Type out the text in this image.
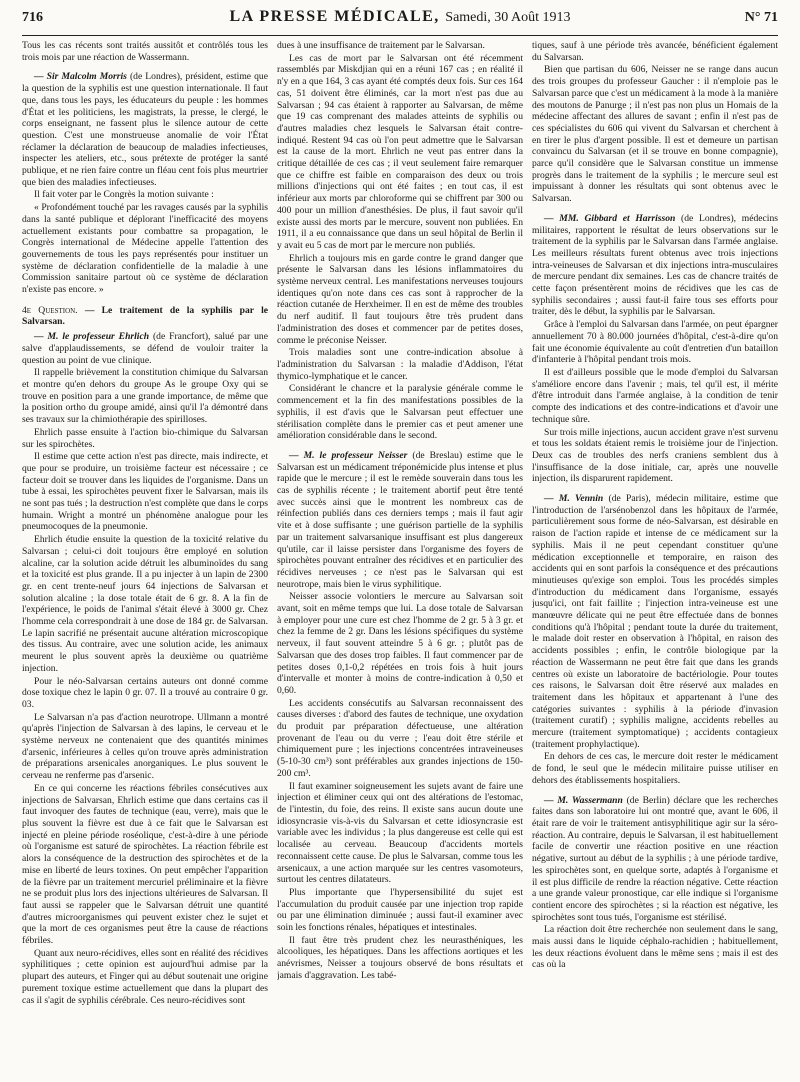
716	LA PRESSE MÉDICALE, Samedi, 30 Août 1913	N° 71

Tous les cas récents sont traités aussitôt et contrôlés tous les trois mois par une réaction de Wassermann.

— Sir Malcolm Morris (de Londres), président, estime que la question de la syphilis est une question internationale. Il faut que, dans tous les pays, les éducateurs du peuple : les hommes d'État et les politiciens, les magistrats, la presse, le clergé, le corps enseignant, ne fassent plus le silence autour de cette question. C'est une monstrueuse anomalie de voir l'État réclamer la déclaration de beaucoup de maladies infectieuses, inspecter les ateliers, etc., sous prétexte de protéger la santé publique, et ne rien faire contre un fléau cent fois plus meurtrier que bien des maladies infectieuses.

Il fait voter par le Congrès la motion suivante :

« Profondément touché par les ravages causés par la syphilis dans la santé publique et déplorant l'inefficacité des moyens actuellement existants pour combattre sa propagation, le Congrès international de Médecine appelle l'attention des gouvernements de tous les pays représentés pour instituer un système de déclaration confidentielle de la maladie à une Commission sanitaire partout où ce système de déclaration n'existe pas encore. »

4e Question. — Le traitement de la syphilis par le Salvarsan.

— M. le professeur Ehrlich (de Francfort), salué par une salve d'applaudissements, se défend de vouloir traiter la question au point de vue clinique.

Il rappelle brièvement la constitution chimique du Salvarsan et montre qu'en dehors du groupe As le groupe Oxy qui se trouve en position para a une grande importance, de même que la position ortho du groupe amidé, ainsi qu'il l'a démontré dans ses travaux sur la chimiothérapie des spirilloses.

Ehrlich passe ensuite à l'action bio-chimique du Salvarsan sur les spirochètes.

Il estime que cette action n'est pas directe, mais indirecte, et que pour se produire, un troisième facteur est nécessaire ; ce facteur doit se trouver dans les liquides de l'organisme. Dans un tube à essai, les spirochètes peuvent fixer le Salvarsan, mais ils ne sont pas tués ; la destruction n'est complète que dans le corps humain. Wright a montré un phénomène analogue pour les pneumocoques de la pneumonie.

Ehrlich étudie ensuite la question de la toxicité relative du Salvarsan ; celui-ci doit toujours être employé en solution alcaline, car la solution acide détruit les albuminoïdes du sang et la toxicité est plus grande. Il a pu injecter à un lapin de 2300 gr. en cent trente-neuf jours 64 injections de Salvarsan et solution alcaline ; la dose totale était de 6 gr. 8. A la fin de l'expérience, le poids de l'animal s'était élevé à 3000 gr. Chez l'homme cela correspondrait à une dose de 184 gr. de Salvarsan. Le lapin sacrifié ne présentait aucune altération microscopique des tissus. Au contraire, avec une solution acide, les animaux meurent le plus souvent après la deuxième ou quatrième injection.

Pour le néo-Salvarsan certains auteurs ont donné comme dose toxique chez le lapin 0 gr. 07. Il a trouvé au contraire 0 gr. 03.

Le Salvarsan n'a pas d'action neurotrope. Ullmann a montré qu'après l'injection de Salvarsan à des lapins, le cerveau et le système nerveux ne contenaient que des quantités minimes d'arsenic, inférieures à celles qu'on trouve après administration de préparations arsenicales anorganiques. Le plus souvent le cerveau ne renferme pas d'arsenic.

En ce qui concerne les réactions fébriles consécutives aux injections de Salvarsan, Ehrlich estime que dans certains cas il faut invoquer des fautes de technique (eau, verre), mais que le plus souvent la fièvre est due à ce fait que le Salvarsan est injecté en pleine période roséolique, c'est-à-dire à une période où l'organisme est saturé de spirochètes. La réaction fébrile est alors la conséquence de la destruction des spirochètes et de la mise en liberté de leurs toxines. On peut empêcher l'apparition de la fièvre par un traitement mercuriel préliminaire et la fièvre ne se produit plus lors des injections ultérieures de Salvarsan. Il faut aussi se rappeler que le Salvarsan détruit une quantité d'autres microorganismes qui peuvent exister chez le sujet et que la mort de ces organismes peut être la cause de réactions fébriles.

Quant aux neuro-récidives, elles sont en réalité des récidives syphilitiques ; cette opinion est aujourd'hui admise par la plupart des auteurs, et Finger qui au début soutenait une origine purement toxique estime actuellement que dans la plupart des cas il s'agit de syphilis cérébrale. Ces neuro-récidives sont

dues à une insuffisance de traitement par le Salvarsan.

Les cas de mort par le Salvarsan ont été récemment rassemblés par Miskdjian qui en a réuni 167 cas ; en réalité il n'y en a que 164, 3 cas ayant été comptés deux fois. Sur ces 164 cas, 51 doivent être éliminés, car la mort n'est pas due au Salvarsan ; 94 cas étaient à rapporter au Salvarsan, de même que 19 cas comprenant des malades atteints de syphilis ou d'autres maladies chez lesquels le Salvarsan était contre-indiqué. Restent 94 cas où l'on peut admettre que le Salvarsan est la cause de la mort. Ehrlich ne veut pas entrer dans la critique détaillée de ces cas ; il veut seulement faire remarquer que ce chiffre est faible en comparaison des deux ou trois millions d'injections qui ont été faites ; en tout cas, il est inférieur aux morts par chloroforme qui se chiffrent par 300 ou 400 pour un million d'anesthésies. De plus, il faut savoir qu'il existe aussi des morts par le mercure, souvent non publiées. En 1911, il a eu connaissance que dans un seul hôpital de Berlin il y avait eu 5 cas de mort par le mercure non publiés.

Ehrlich a toujours mis en garde contre le grand danger que présente le Salvarsan dans les lésions inflammatoires du système nerveux central. Les manifestations nerveuses toujours identiques qu'on note dans ces cas sont à rapprocher de la réaction cutanée de Herxheimer. Il en est de même des troubles du nerf auditif. Il faut toujours être très prudent dans l'administration des doses et commencer par de petites doses, comme le préconise Neisser.

Trois maladies sont une contre-indication absolue à l'administration du Salvarsan : la maladie d'Addison, l'état thymico-lymphatique et le cancer.

Considérant le chancre et la paralysie générale comme le commencement et la fin des manifestations possibles de la syphilis, il est d'avis que le Salvarsan peut effectuer une stérilisation complète dans le premier cas et peut amener une amélioration considérable dans le second.

— M. le professeur Neisser (de Breslau) estime que le Salvarsan est un médicament tréponémicide plus intense et plus rapide que le mercure ; il est le remède souverain dans tous les cas de syphilis récente ; le traitement abortif peut être tenté avec succès ainsi que le montrent les nombreux cas de réinfection publiés dans ces derniers temps ; mais il faut agir vite et à dose suffisante ; une guérison partielle de la syphilis par un traitement salvarsanique insuffisant est plus dangereux qu'utile, car il laisse persister dans l'organisme des foyers de spirochètes pouvant entraîner des récidives et en particulier des récidives nerveuses ; ce n'est pas le Salvarsan qui est neurotrope, mais bien le virus syphilitique.

Neisser associe volontiers le mercure au Salvarsan soit avant, soit en même temps que lui. La dose totale de Salvarsan à employer pour une cure est chez l'homme de 2 gr. 5 à 3 gr. et chez la femme de 2 gr. Dans les lésions spécifiques du système nerveux, il faut souvent atteindre 5 à 6 gr. ; plutôt pas de Salvarsan que des doses trop faibles. Il faut commencer par de petites doses 0,1-0,2 répétées en trois fois à huit jours d'intervalle et monter à moins de contre-indication à 0,50 et 0,60.

Les accidents consécutifs au Salvarsan reconnaissent des causes diverses : d'abord des fautes de technique, une oxydation du produit par préparation défectueuse, une altération provenant de l'eau ou du verre ; l'eau doit être stérile et chimiquement pure ; les injections concentrées intraveineuses (5-10-30 cm³) sont préférables aux grandes injections de 150-200 cm³.

Il faut examiner soigneusement les sujets avant de faire une injection et éliminer ceux qui ont des altérations de l'estomac, de l'intestin, du foie, des reins. Il existe sans aucun doute une idiosyncrasie vis-à-vis du Salvarsan et cette idiosyncrasie est variable avec les individus ; la plus dangereuse est celle qui est localisée au cerveau. Beaucoup d'accidents mortels reconnaissent cette cause. De plus le Salvarsan, comme tous les arsenicaux, a une action marquée sur les centres vasomoteurs, surtout les centres dilatateurs.

Plus importante que l'hypersensibilité du sujet est l'accumulation du produit causée par une injection trop rapide ou par une élimination diminuée ; aussi faut-il examiner avec soin les fonctions rénales, hépatiques et intestinales.

Il faut être très prudent chez les neurasthéniques, les alcooliques, les hépatiques. Dans les affections aortiques et les anévrismes, Neisser a toujours observé de bons résultats et jamais d'aggravation. Les tabé-

tiques, sauf à une période très avancée, bénéficient également du Salvarsan.

Bien que partisan du 606, Neisser ne se range dans aucun des trois groupes du professeur Gaucher : il n'emploie pas le Salvarsan parce que c'est un médicament à la mode à la manière des moutons de Panurge ; il n'est pas non plus un Homais de la médecine affectant des allures de savant ; enfin il n'est pas de ces spécialistes du 606 qui vivent du Salvarsan et cherchent à en tirer le plus d'argent possible. Il est et demeure un partisan convaincu du Salvarsan (et il se trouve en bonne compagnie), parce qu'il considère que le Salvarsan constitue un immense progrès dans le traitement de la syphilis ; le mercure seul est impuissant à donner les résultats qui sont obtenus avec le Salvarsan.

— MM. Gibbard et Harrisson (de Londres), médecins militaires, rapportent le résultat de leurs observations sur le traitement de la syphilis par le Salvarsan dans l'armée anglaise. Les meilleurs résultats furent obtenus avec trois injections intra-veineuses de Salvarsan et dix injections intra-musculaires de mercure pendant dix semaines. Les cas de chancre traités de cette façon présentèrent moins de récidives que les cas de syphilis secondaires ; aussi faut-il faire tous ses efforts pour traiter, dès le début, la syphilis par le Salvarsan.

Grâce à l'emploi du Salvarsan dans l'armée, on peut épargner annuellement 70 à 80.000 journées d'hôpital, c'est-à-dire qu'on fait une économie équivalente au coût d'entretien d'un bataillon d'infanterie à l'hôpital pendant trois mois.

Il est d'ailleurs possible que le mode d'emploi du Salvarsan s'améliore encore dans l'avenir ; mais, tel qu'il est, il mérite d'être introduit dans l'armée anglaise, à la condition de tenir compte des indications et des contre-indications et d'avoir une technique sûre.

Sur trois mille injections, aucun accident grave n'est survenu et tous les soldats étaient remis le troisième jour de l'injection. Deux cas de troubles des nerfs craniens semblent dus à l'insuffisance de la dose initiale, car, après une nouvelle injection, ils disparurent rapidement.

— M. Vennin (de Paris), médecin militaire, estime que l'introduction de l'arsénobenzol dans les hôpitaux de l'armée, particulièrement sous forme de néo-Salvarsan, est désirable en raison de l'action rapide et intense de ce médicament sur la syphilis. Mais il ne peut cependant constituer qu'une médication exceptionnelle et temporaire, en raison des accidents qui en sont parfois la conséquence et des précautions minutieuses qu'exige son emploi. Tous les procédés simples d'introduction du médicament dans l'organisme, essayés jusqu'ici, ont fait faillite ; l'injection intra-veineuse est une manœuvre délicate qui ne peut être effectuée dans de bonnes conditions qu'à l'hôpital ; pendant toute la durée du traitement, le malade doit rester en observation à l'hôpital, en raison des accidents possibles ; enfin, le contrôle biologique par la réaction de Wassermann ne peut être fait que dans les grands centres où existe un laboratoire de bactériologie. Pour toutes ces raisons, le Salvarsan doit être réservé aux malades en traitement dans les hôpitaux et appartenant à l'une des catégories suivantes : syphilis à la période d'invasion (traitement curatif) ; syphilis maligne, accidents rebelles au mercure (traitement symptomatique) ; accidents contagieux (traitement prophylactique).

En dehors de ces cas, le mercure doit rester le médicament de fond, le seul que le médecin militaire puisse utiliser en dehors des établissements hospitaliers.

— M. Wassermann (de Berlin) déclare que les recherches faites dans son laboratoire lui ont montré que, avant le 606, il était rare de voir le traitement antisyphilitique agir sur la séro-réaction. Au contraire, depuis le Salvarsan, il est habituellement facile de convertir une réaction positive en une réaction négative, surtout au début de la syphilis ; à une période tardive, les spirochètes sont, en quelque sorte, adaptés à l'organisme et il est plus difficile de rendre la réaction négative. Cette réaction a une grande valeur pronostique, car elle indique si l'organisme contient encore des spirochètes ; si la réaction est négative, les spirochètes sont tous tués, l'organisme est stérilisé.

La réaction doit être recherchée non seulement dans le sang, mais aussi dans le liquide céphalo-rachidien ; habituellement, les deux réactions évoluent dans le même sens ; mais il est des cas où la
